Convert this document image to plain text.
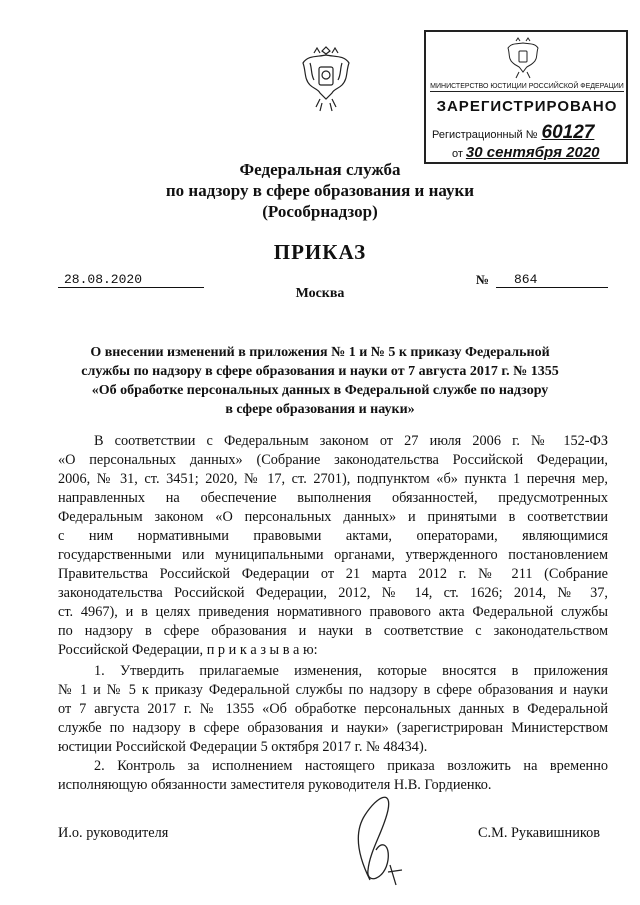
МИНИСТЕРСТВО ЮСТИЦИИ РОССИЙСКОЙ ФЕДЕРАЦИИ
ЗАРЕГИСТРИРОВАНО
Регистрационный № 60127
от 30 сентября 2020
Федеральная служба
по надзору в сфере образования и науки
(Рособрнадзор)
ПРИКАЗ
28.08.2020	№	864
Москва
О внесении изменений в приложения № 1 и № 5 к приказу Федеральной
службы по надзору в сфере образования и науки от 7 августа 2017 г. № 1355
«Об обработке персональных данных в Федеральной службе по надзору
в сфере образования и науки»
В соответствии с Федеральным законом от 27 июля 2006 г. № 152-ФЗ
«О персональных данных» (Собрание законодательства Российской Федерации,
2006, № 31, ст. 3451; 2020, № 17, ст. 2701), подпунктом «б» пункта 1 перечня мер,
направленных на обеспечение выполнения обязанностей, предусмотренных
Федеральным законом «О персональных данных» и принятыми в соответствии
с ним нормативными правовыми актами, операторами, являющимися
государственными или муниципальными органами, утвержденного постановлением
Правительства Российской Федерации от 21 марта 2012 г. № 211 (Собрание
законодательства Российской Федерации, 2012, № 14, ст. 1626; 2014, № 37,
ст. 4967), и в целях приведения нормативного правового акта Федеральной службы
по надзору в сфере образования и науки в соответствие с законодательством
Российской Федерации, п р и к а з ы в а ю:
1. Утвердить прилагаемые изменения, которые вносятся в приложения
№ 1 и № 5 к приказу Федеральной службы по надзору в сфере образования и науки
от 7 августа 2017 г. № 1355 «Об обработке персональных данных в Федеральной
службе по надзору в сфере образования и науки» (зарегистрирован Министерством
юстиции Российской Федерации 5 октября 2017 г. № 48434).
2. Контроль за исполнением настоящего приказа возложить на временно
исполняющую обязанности заместителя руководителя Н.В. Гордиенко.
И.о. руководителя	С.М. Рукавишников
